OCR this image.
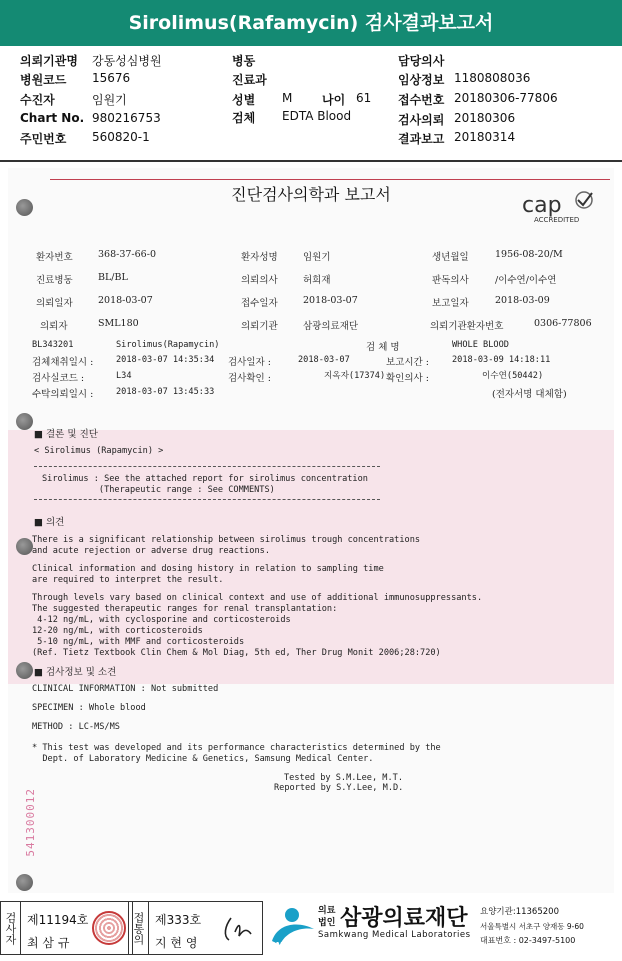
Sirolimus(Rafamycin) 검사결과보고서
의뢰기관명 강동성심병원
병원코드 15676
수진자	임원기
Chart No. 980216753
주민번호 560820-1
병동
진료과
성별 M 나이 61
검체 EDTA Blood
담당의사
임상정보 1180808036
접수번호 20180306-77806
검사의뢰 20180306
결과보고 20180314
진단검사의학과 보고서	cap
ACCREDITED
환자번호	368-37-66-0	환자성명	임원기	생년월일	1956-08-20/M
진료병동	BL/BL	의뢰의사	허희재	판독의사	/이수연/이수연
의뢰일자	2018-03-07	접수일자	2018-03-07	보고일자	2018-03-09
의뢰자	SML180	의뢰기관	삼광의료재단	의뢰기관환자번호	0306-77806
BL343201	Sirolimus(Rapamycin)	검 체 명	WHOLE BLOOD
검체채취일시 :	2018-03-07 14:35:34 검사일자 :	2018-03-07	보고시간 :	2018-03-09 14:18:11
검사실코드 :	L34	검사확인 :	지옥자(17374) 확인의사 :	이수연(50442)
수탁의뢰일시 :	2018-03-07 13:45:33	(전자서명 대체함)
■ 결론 및 진단
< Sirolimus (Rapamycin) >
Sirolimus : See the attached report for sirolimus concentration
(Therapeutic range : See COMMENTS)
■ 의견
There is a significant relationship between sirolimus trough concentrations
and acute rejection or adverse drug reactions.
Clinical information and dosing history in relation to sampling time
are required to interpret the result.
Through levels vary based on clinical context and use of additional immunosuppressants.
The suggested therapeutic ranges for renal transplantation:
4-12 ng/mL, with cyclosporine and corticosteroids
12-20 ng/mL, with corticosteroids
5-10 ng/mL, with MMF and corticosteroids
(Ref. Tietz Textbook Clin Chem & Mol Diag, 5th ed, Ther Drug Monit 2006;28:720)
■ 검사정보 및 소견
CLINICAL INFORMATION : Not submitted
SPECIMEN : Whole blood
METHOD : LC-MS/MS
* This test was developed and its performance characteristics determined by the
Dept. of Laboratory Medicine & Genetics, Samsung Medical Center.
Tested by S.M.Lee, M.T.
Reported by S.Y.Lee, M.D.
541300012
검사자 제11194호
최 삼 규	접통의 제333호
지 현 영	SML
의료
법인 삼광의료재단
Samkwang Medical Laboratories
요양기관:11365200
서울특별시 서초구 양재동 9-60
대표번호 : 02-3497-5100
